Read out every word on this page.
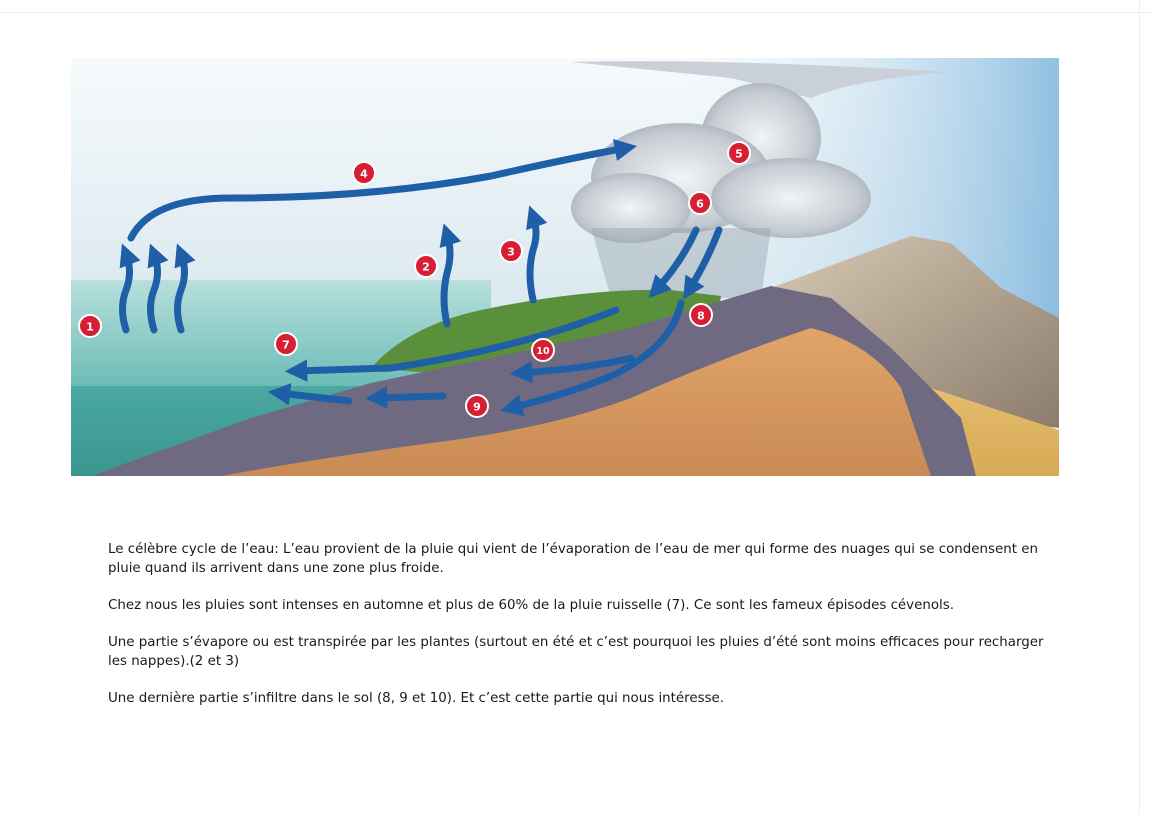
1
2
3
4
5
6
7
8
9
10

Le célèbre cycle de l’eau: L’eau provient de la pluie qui vient de l’évaporation de l’eau de mer qui forme des nuages qui se condensent en pluie quand ils arrivent dans une zone plus froide.

Chez nous les pluies sont intenses en automne et plus de 60% de la pluie ruisselle (7). Ce sont les fameux épisodes cévenols.

Une partie s’évapore ou est transpirée par les plantes (surtout en été et c’est pourquoi les pluies d’été sont moins efficaces pour recharger les nappes).(2 et 3)

Une dernière partie s’infiltre dans le sol (8, 9 et 10). Et c’est cette partie qui nous intéresse.
